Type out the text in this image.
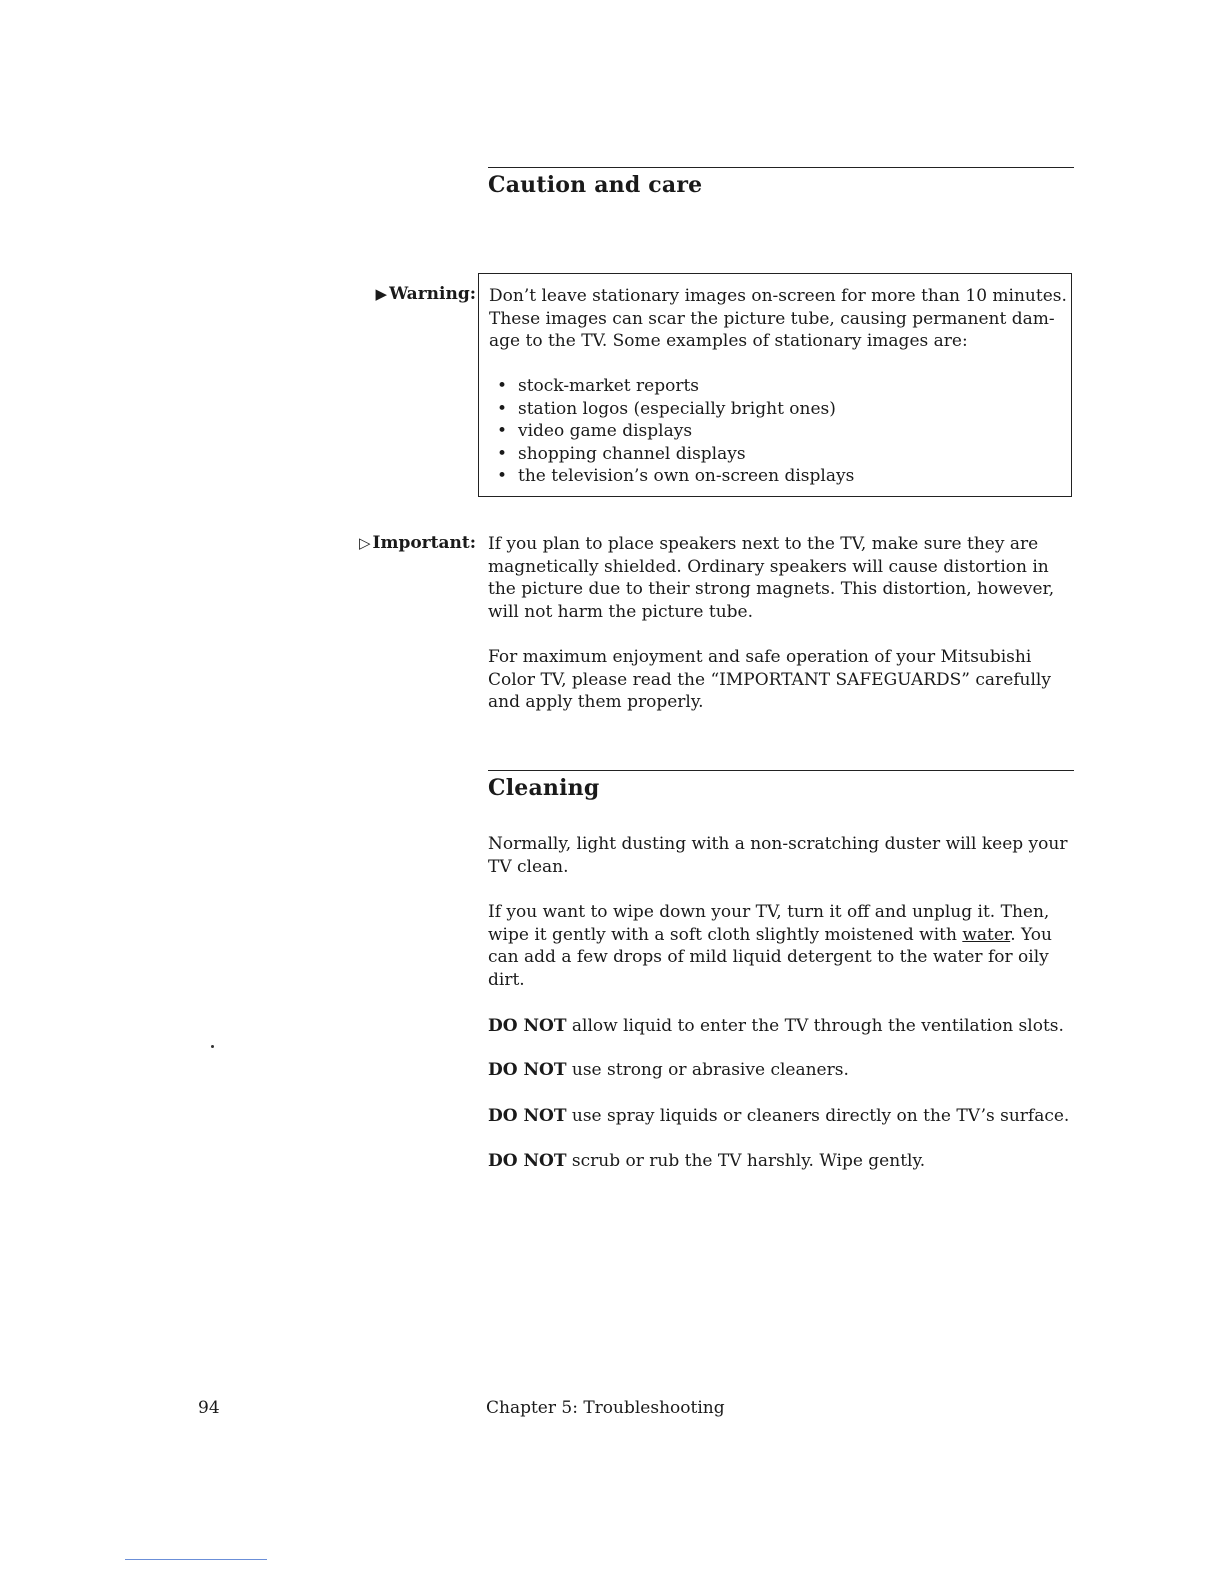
Caution and care
▶ Warning: Don’t leave stationary images on-screen for more than 10 minutes. These images can scar the picture tube, causing permanent dam-age to the TV. Some examples of stationary images are:

• stock-market reports
• station logos (especially bright ones)
• video game displays
• shopping channel displays
• the television’s own on-screen displays
▷ Important: If you plan to place speakers next to the TV, make sure they are magnetically shielded. Ordinary speakers will cause distortion in the picture due to their strong magnets. This distortion, however, will not harm the picture tube.

For maximum enjoyment and safe operation of your Mitsubishi Color TV, please read the “IMPORTANT SAFEGUARDS” carefully and apply them properly.

Cleaning

Normally, light dusting with a non-scratching duster will keep your TV clean.

If you want to wipe down your TV, turn it off and unplug it. Then, wipe it gently with a soft cloth slightly moistened with water. You can add a few drops of mild liquid detergent to the water for oily dirt.

DO NOT allow liquid to enter the TV through the ventilation slots.

DO NOT use strong or abrasive cleaners.

DO NOT use spray liquids or cleaners directly on the TV’s surface.

DO NOT scrub or rub the TV harshly. Wipe gently.

94	Chapter 5: Troubleshooting
